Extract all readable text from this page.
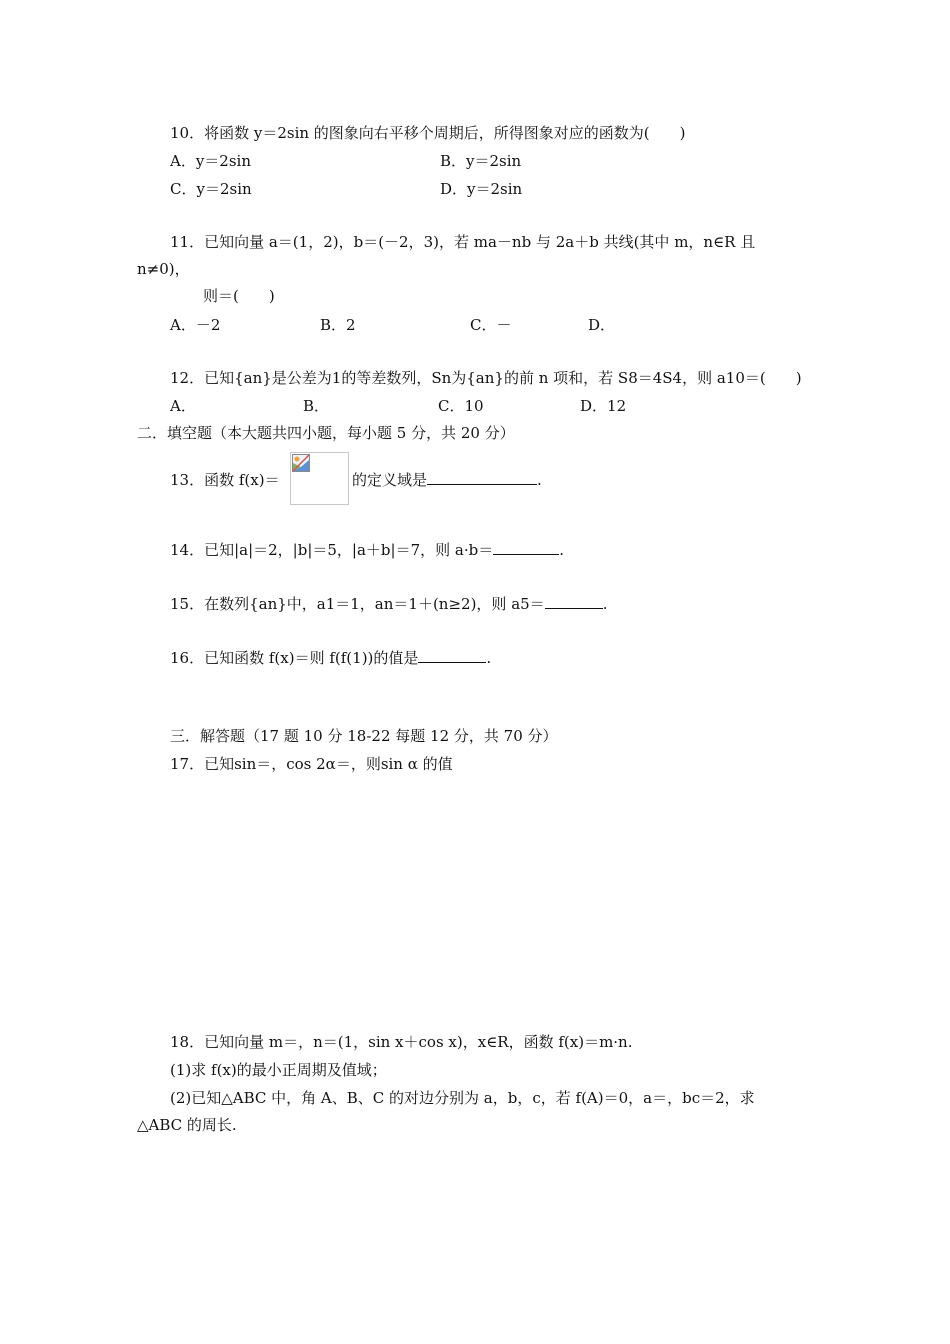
10．将函数 y＝2sin 的图象向右平移个周期后，所得图象对应的函数为(　　)
A．y＝2sin	B．y＝2sin
C．y＝2sin	D．y＝2sin
11．已知向量 a＝(1，2)，b＝(－2，3)，若 ma－nb 与 2a＋b 共线(其中 m，n∈R 且
n≠0)，
则＝(　　)
A．－2	B．2	C．－	D．
12．已知{an}是公差为1的等差数列，Sn为{an}的前 n 项和，若 S8＝4S4，则 a10＝(　　)
A．	B．	C．10	D．12
二．填空题（本大题共四小题，每小题 5 分，共 20 分）
13．函数 f(x)＝	的定义域是	.
14．已知|a|＝2，|b|＝5，|a＋b|＝7，则 a·b＝	.
15．在数列{an}中，a1＝1，an＝1＋(n≥2)，则 a5＝	.
16．已知函数 f(x)＝则 f(f(1))的值是	.
三．解答题（17 题 10 分 18-22 每题 12 分，共 70 分）
17．已知sin＝，cos 2α＝，则sin α 的值
18．已知向量 m＝，n＝(1，sin x＋cos x)，x∈R，函数 f(x)＝m·n.
(1)求 f(x)的最小正周期及值域；
(2)已知△ABC 中，角 A、B、C 的对边分别为 a，b，c，若 f(A)＝0，a＝，bc＝2，求
△ABC 的周长.
